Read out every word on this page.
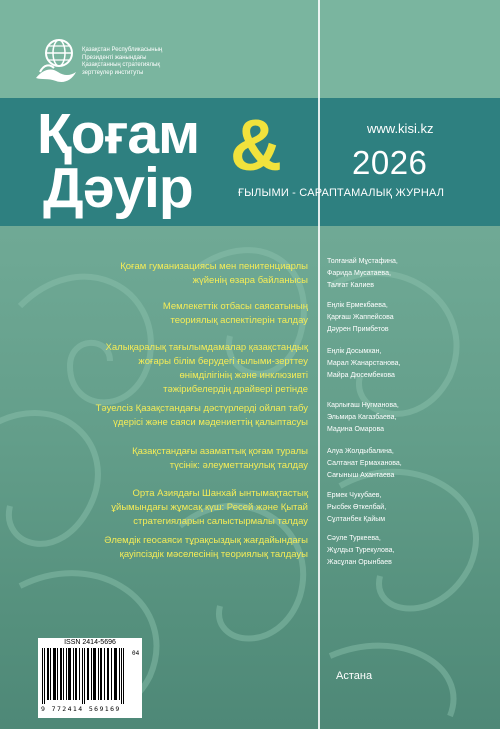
Қазақстан Республикасының
Президенті жанындағы
Қазақстанның стратегиялық
зерттеулер институты
Қоғам &
Дәуір
www.kisi.kz
2026
ҒЫЛЫМИ - САРАПТАМАЛЫҚ ЖУРНАЛ
Қоғам гуманизациясы мен пенитенциарлы
жүйенің өзара байланысы
Толғанай Мұстафина,
Фарида Мусатаева,
Талғат Калиев
Мемлекеттік отбасы саясатының
теориялық аспектілерін талдау
Еңлік Ермекбаева,
Қарғаш Жаппейсова
Дәурен Примбетов
Халықаралық тағылымдамалар қазақстандық
жоғары білім берудегі ғылыми-зерттеу
өнімділігінің және инклюзивті
тәжірибелердің драйвері ретінде
Еңлік Досымхан,
Марал Жанарстанова,
Майра Дюсембекова
Тәуелсіз Қазақстандағы дәстүрлерді ойлап табу
үдерісі және саяси мәдениеттің қалыптасуы
Карлығаш Нугманова,
Эльмира Кагазбаева,
Мадина Омарова
Қазақстандағы азаматтық қоғам туралы
түсінік: әлеуметтанулық талдау
Алуа Жолдыбалина,
Салтанат Ермаханова,
Сағыныш Ахантаева
Орта Азиядағы Шанхай ынтымақтастық
ұйымындағы жұмсақ күш: Ресей және Қытай
стратегияларын салыстырмалы талдау
Ермек Чукубаев,
Рысбек Өткелбай,
Сұлтанбек Қайым
Әлемдік геосаяси тұрақсыздық жағдайындағы
қауіпсіздік мәселесінің теориялық талдауы
Сәуле Туркеева,
Жұлдыз Турекулова,
Жасұлан Орынбаев
ISSN 2414-5696
04
9 772414 569169
Астана
